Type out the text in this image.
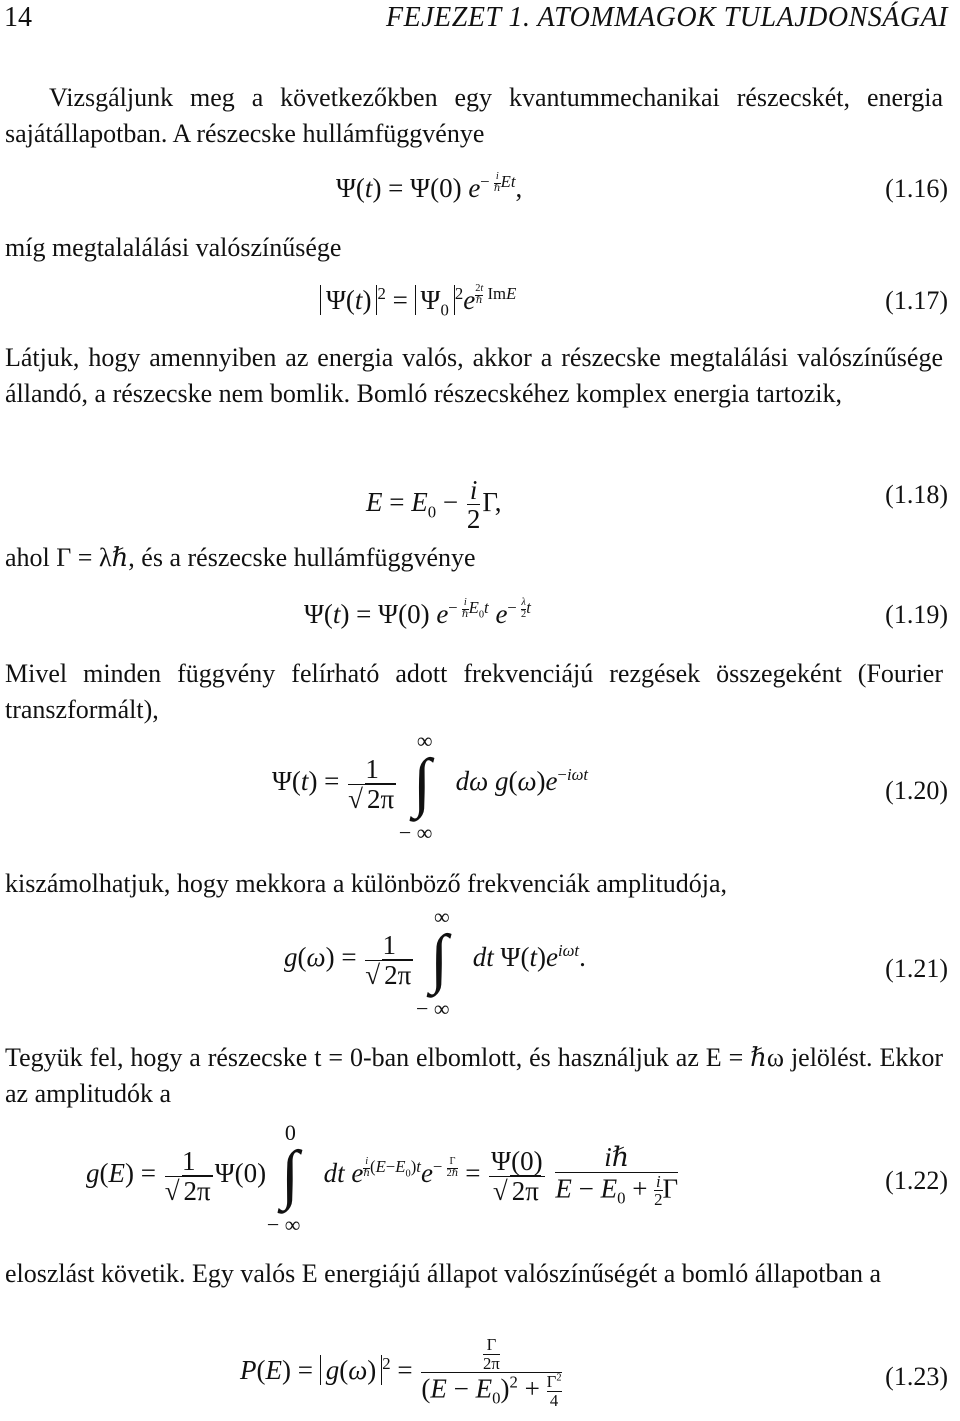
14	FEJEZET 1. ATOMMAGOK TULAJDONSÁGAI
Vizsgáljunk meg a következőkben egy kvantummechanikai részecskét, energia sajátállapotban. A részecske hullámfüggvénye
Ψ(t) = Ψ(0) $e^{- i \hbar Et}$,	(1.16)
míg megtalalálási valószínűsége
Ψ(t) $^2 = \Psi_0^2e$ $^{2t \hbar ImE}$	(1.17)
Látjuk, hogy amennyiben az energia valós, akkor a részecske megtalálási valószínűsége állandó, a részecske nem bomlik. Bomló részecskéhez komplex energia tartozik,
$E = E_0 - \frac{i}{2} \Gamma$,	(1.18)
ahol Γ = λℏ, és a részecske hullámfüggvénye
Ψ(t) = Ψ(0) $e^{- i \hbar E_0t}$ $e^{- \frac{\lambda}{2} t}$	(1.19)
Mivel minden függvény felírható adott frekvenciájú rezgések összegeként (Fourier transzformált),
$\Psi(t) = \frac{1}{√ 2\pi}$

∞
∫
− ∞
dω $g(\omega)e^{-i\omega t}$
(1.20)
kiszámolhatjuk, hogy mekkora a különböző frekvenciák amplitudója,
$g(\omega) = \frac{1}{√ 2\pi}$

∞
∫
− ∞
dt $\Psi(t)e^{i\omega t}$.	(1.21)
Tegyük fel, hogy a részecske t = 0-ban elbomlott, és használjuk az E = ℏω jelölést. Ekkor az amplitudók a
$g(E) = \frac{1}{√ 2\pi} \Psi(0)$
0
∫
− ∞
dt e $^{i \hbar (E-E_0)t}e^{- \Gamma 2\hbar} = \frac{\Psi(0)}{√ 2\pi}$
$\frac{\text{iℏ}}{E - E_0 + \frac{i}{2} \Gamma}$	(1.22)
eloszlást követik. Egy valós E energiájú állapot valószínűségét a bomló állapotban a
P(E) = g(ω) $^2 = \frac{\frac{\Gamma}{2\pi}}{(E - E_0)^2 + \frac{\Gamma^2}{4}}$	(1.23)
